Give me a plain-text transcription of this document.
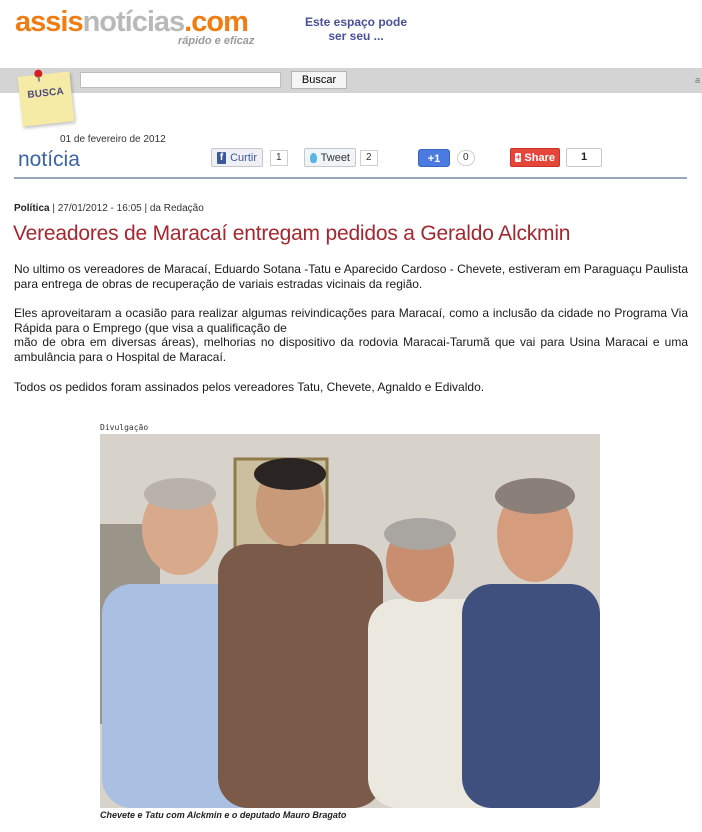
assisnotícias.com
rápido e eficaz
Este espaço pode
ser seu ...
Buscar	a
BUSCA
01 de fevereiro de 2012
notícia	f Curtir	1	Tweet	2	+1	0	+ Share	1
Política | 27/01/2012 - 16:05 | da Redação
Vereadores de Maracaí entregam pedidos a Geraldo Alckmin

No ultimo os vereadores de Maracaí, Eduardo Sotana -Tatu e Aparecido Cardoso - Chevete, estiveram em Paraguaçu Paulista para entrega de obras de recuperação de variais estradas vicinais da região.

Eles aproveitaram a ocasião para realizar algumas reivindicações para Maracaí, como a inclusão da cidade no Programa Via Rápida para o Emprego (que visa a qualificação de
mão de obra em diversas áreas), melhorias no dispositivo da rodovia Maracai-Tarumã que vai para Usina Maracai e uma ambulância para o Hospital de Maracaí.

Todos os pedidos foram assinados pelos vereadores Tatu, Chevete, Agnaldo e Edivaldo.

Divulgação
Chevete e Tatu com Alckmin e o deputado Mauro Bragato
